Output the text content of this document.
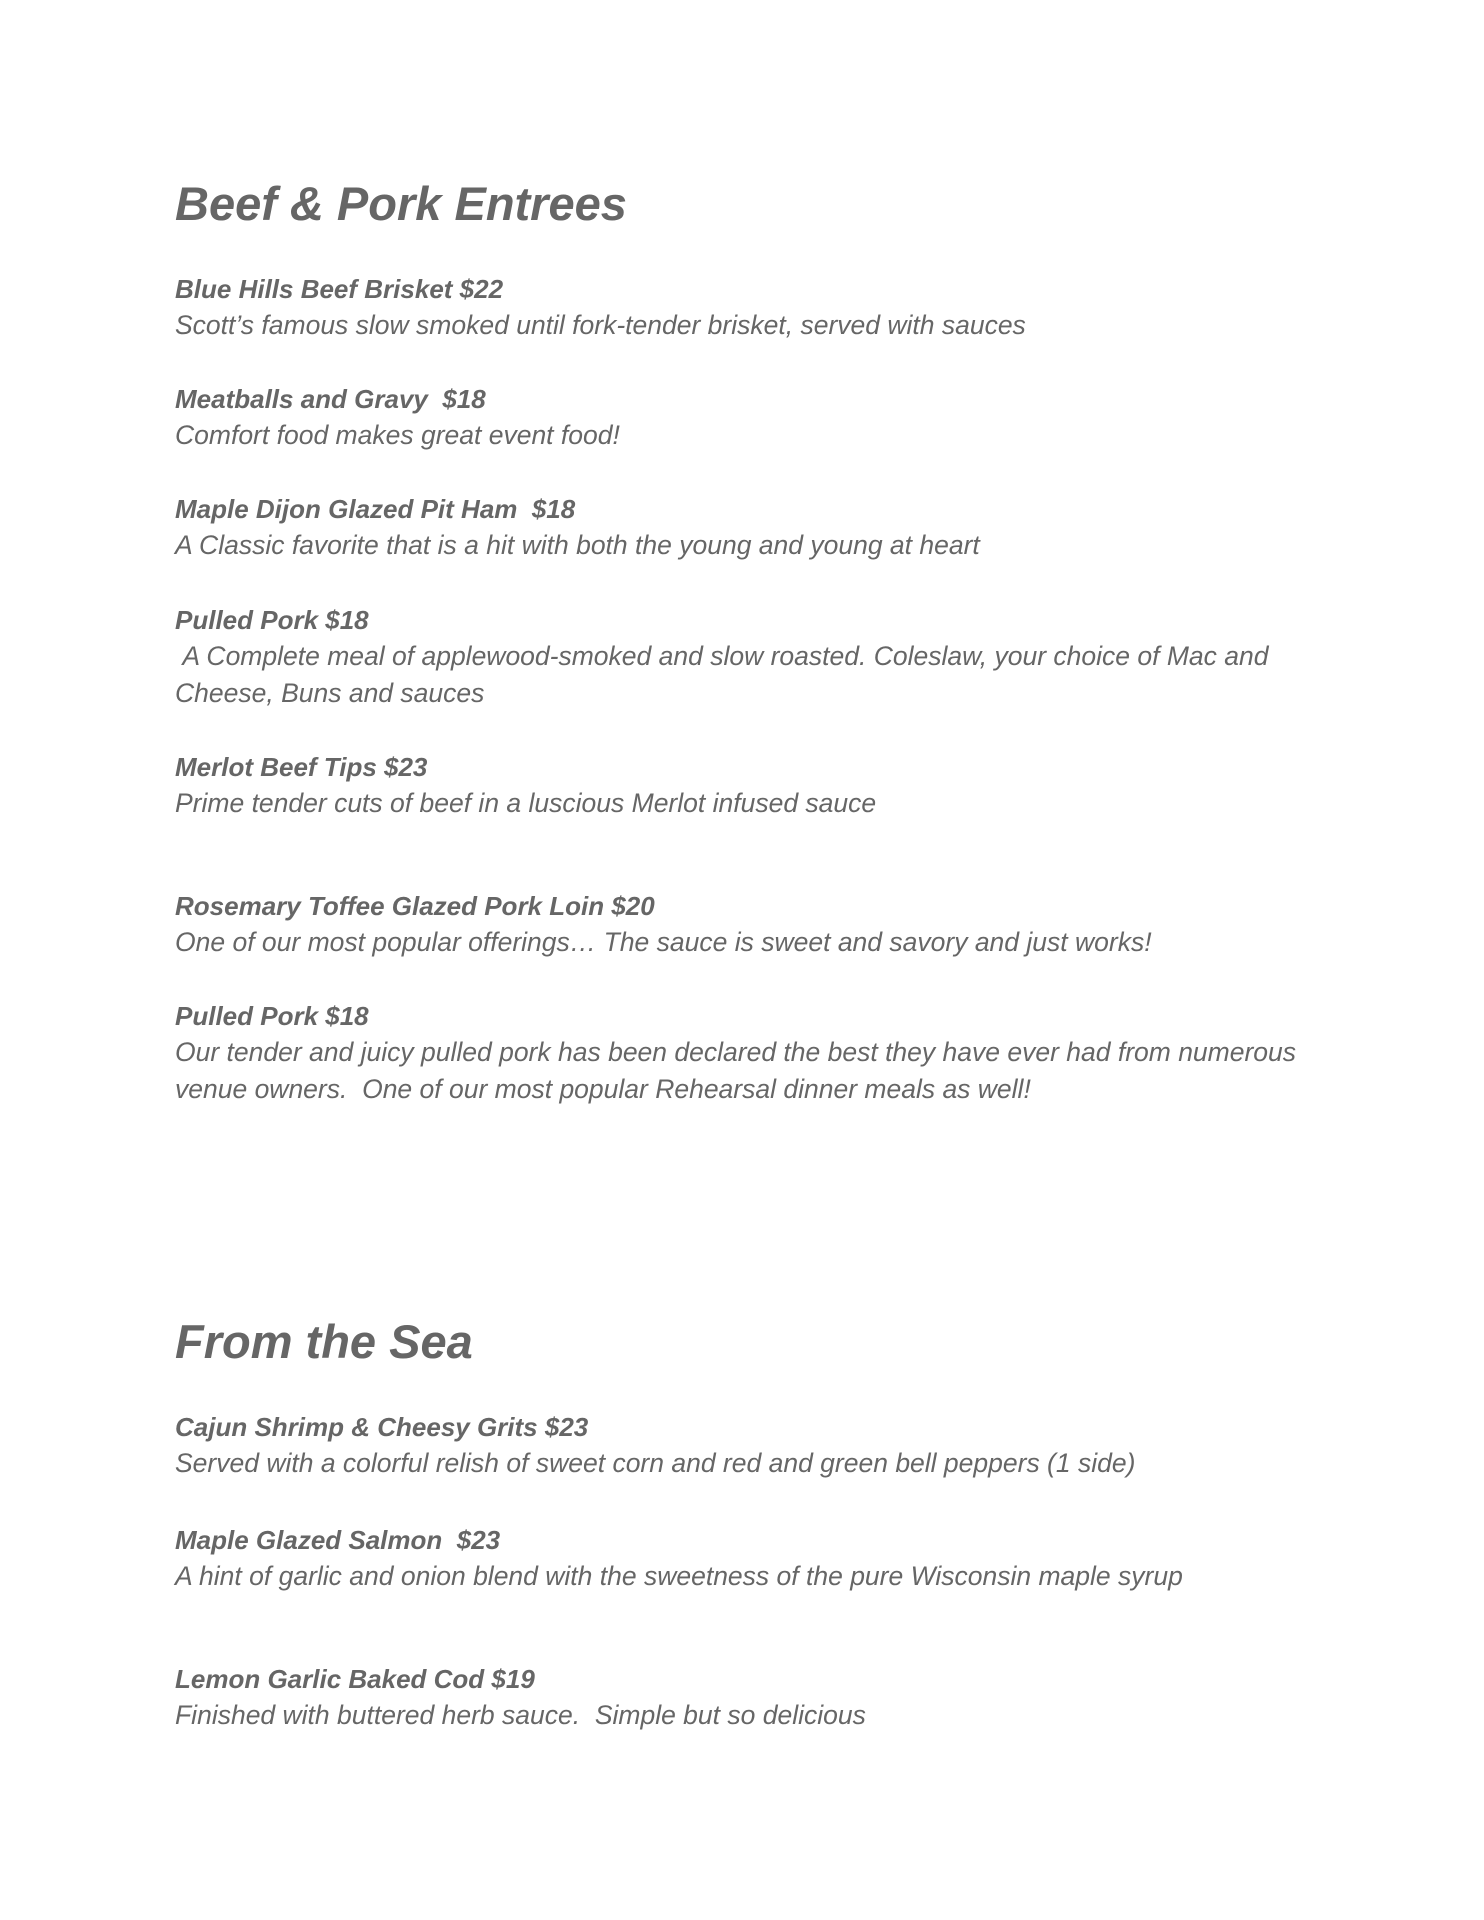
Beef & Pork Entrees
Blue Hills Beef Brisket $22
Scott’s famous slow smoked until fork-tender brisket, served with sauces
Meatballs and Gravy  $18
Comfort food makes great event food!
Maple Dijon Glazed Pit Ham  $18
A Classic favorite that is a hit with both the young and young at heart
Pulled Pork $18
A Complete meal of applewood-smoked and slow roasted. Coleslaw, your choice of Mac and Cheese, Buns and sauces
Merlot Beef Tips $23
Prime tender cuts of beef in a luscious Merlot infused sauce
Rosemary Toffee Glazed Pork Loin $20
One of our most popular offerings… The sauce is sweet and savory and just works!
Pulled Pork $18
Our tender and juicy pulled pork has been declared the best they have ever had from numerous venue owners.  One of our most popular Rehearsal dinner meals as well!
From the Sea
Cajun Shrimp & Cheesy Grits $23
Served with a colorful relish of sweet corn and red and green bell peppers (1 side)
Maple Glazed Salmon  $23
A hint of garlic and onion blend with the sweetness of the pure Wisconsin maple syrup
Lemon Garlic Baked Cod $19
Finished with buttered herb sauce.  Simple but so delicious
